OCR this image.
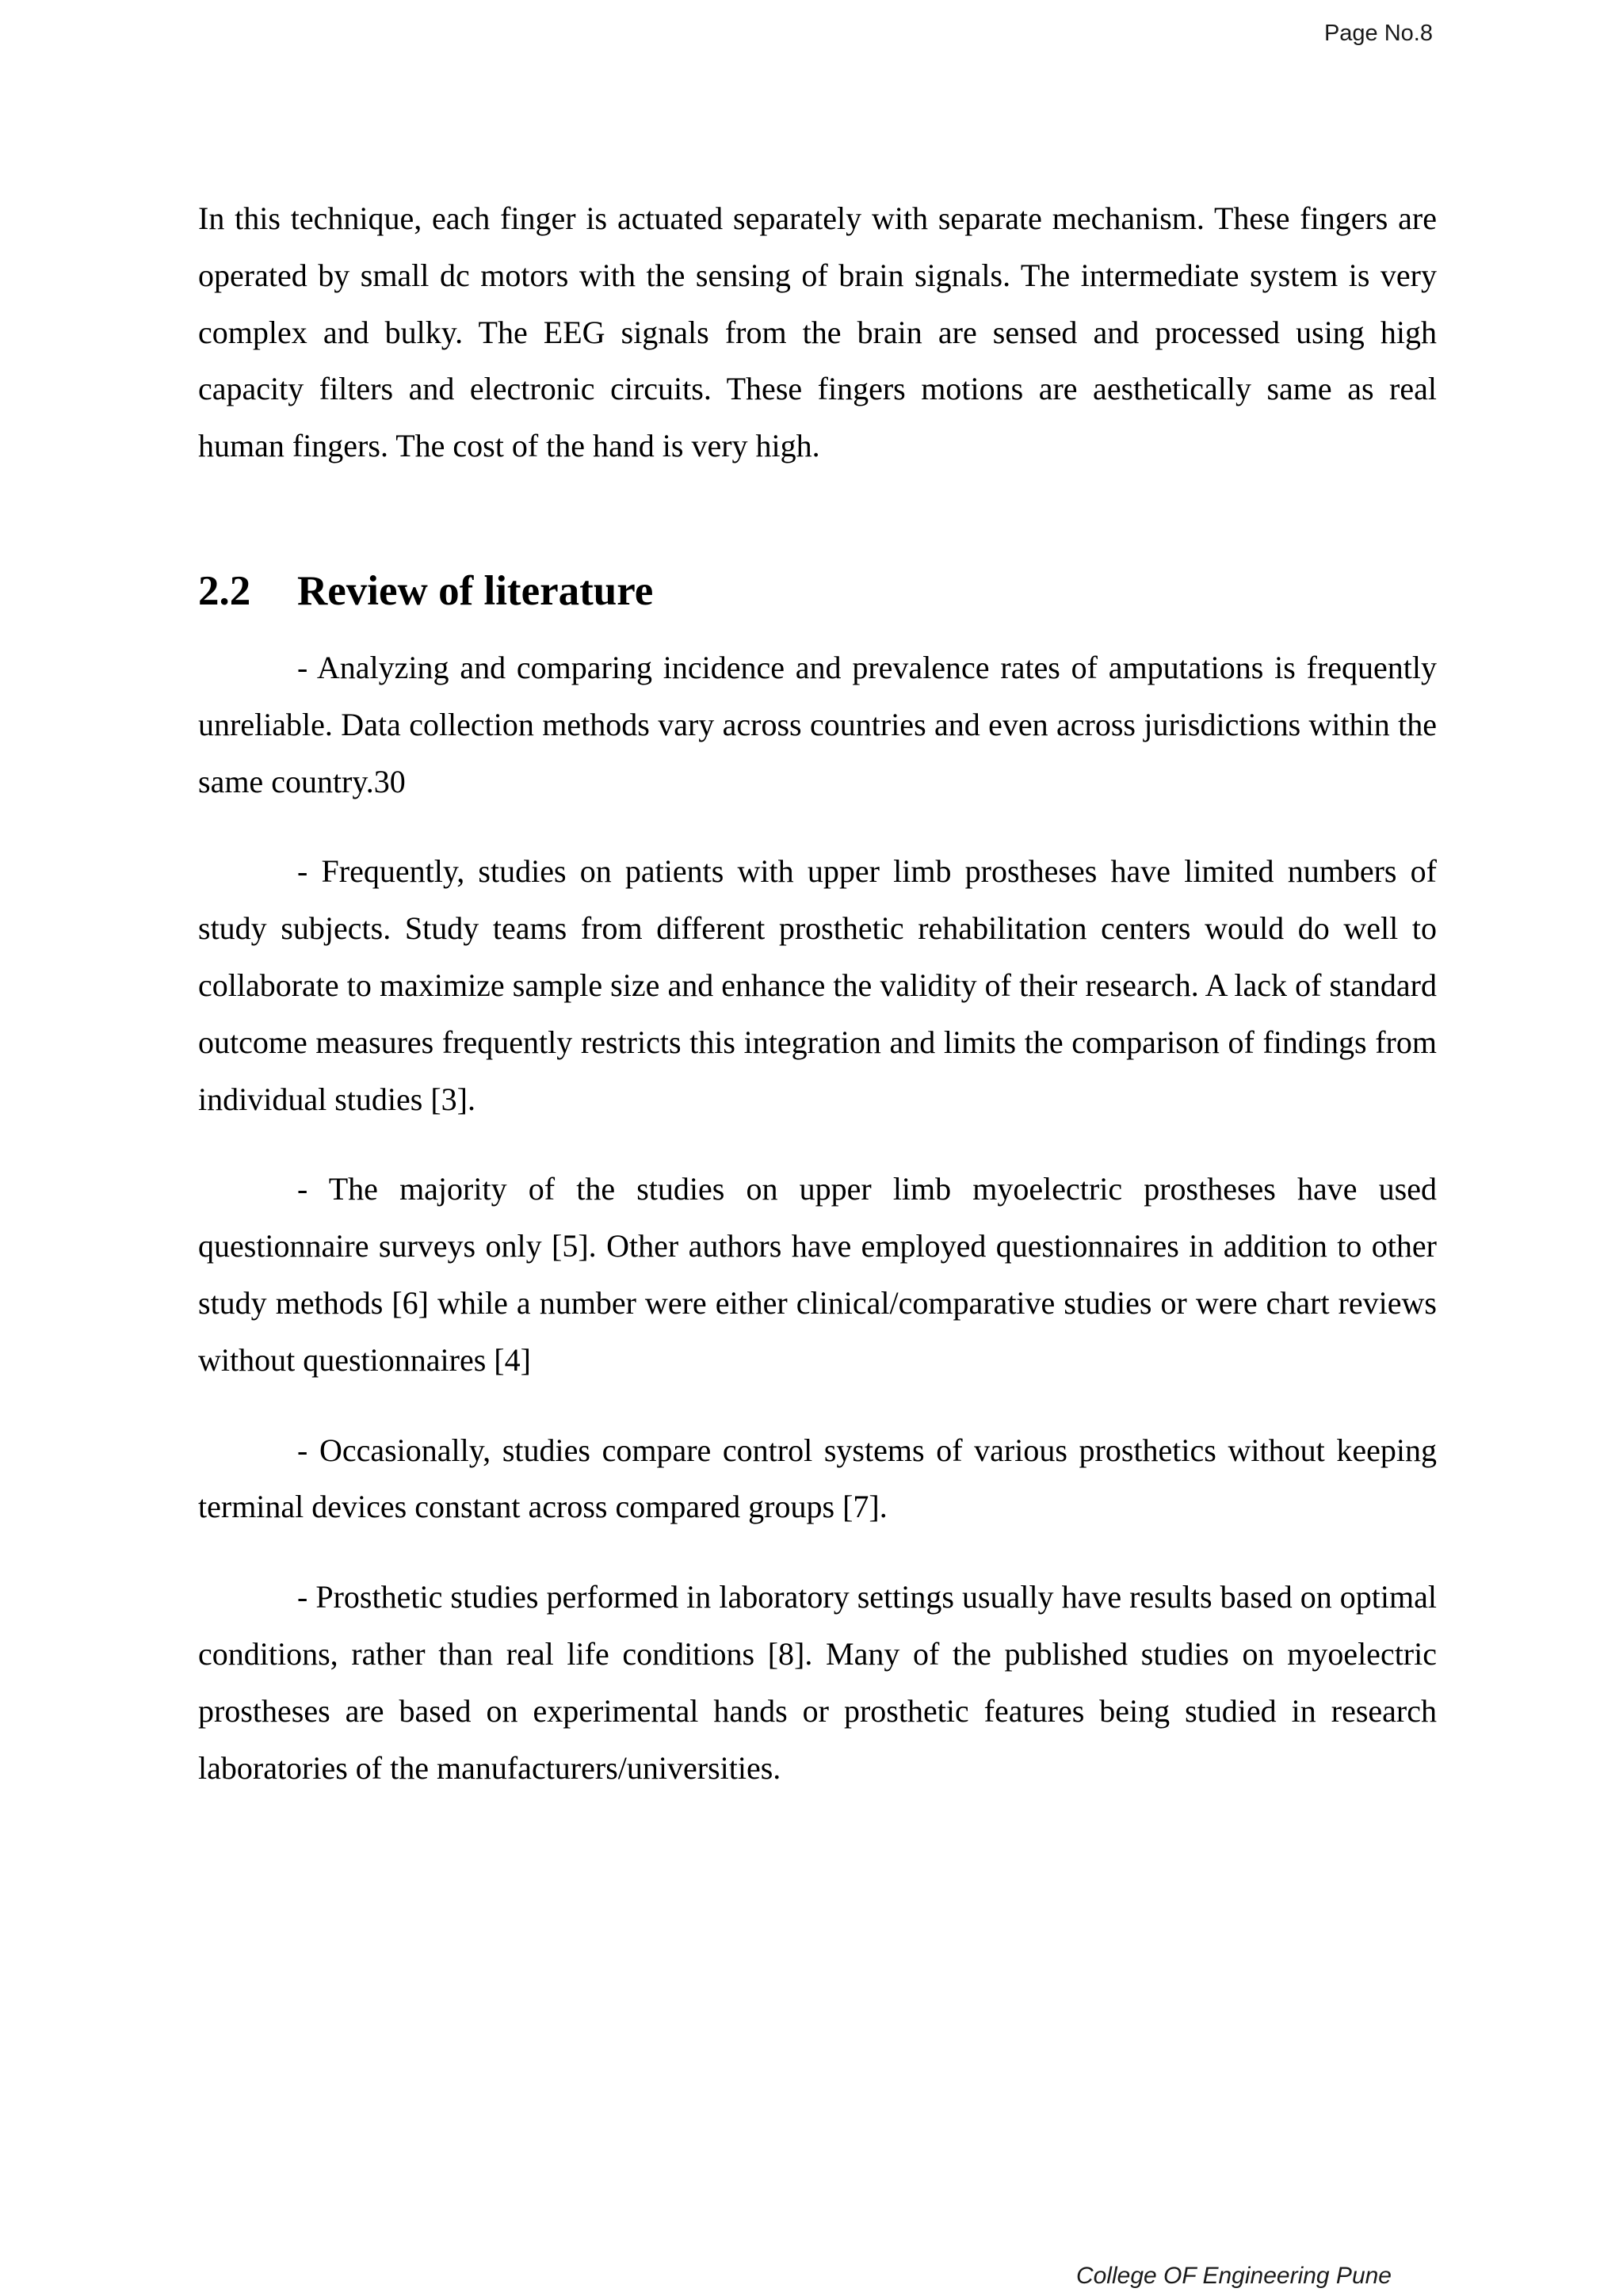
Page No.8

In this technique, each finger is actuated separately with separate mechanism. These fingers are operated by small dc motors with the sensing of brain signals. The intermediate system is very complex and bulky. The EEG signals from the brain are sensed and processed using high capacity filters and electronic circuits. These fingers motions are aesthetically same as real human fingers. The cost of the hand is very high.

2.2 Review of literature

- Analyzing and comparing incidence and prevalence rates of amputations is frequently unreliable. Data collection methods vary across countries and even across jurisdictions within the same country.30

- Frequently, studies on patients with upper limb prostheses have limited numbers of study subjects. Study teams from different prosthetic rehabilitation centers would do well to collaborate to maximize sample size and enhance the validity of their research. A lack of standard outcome measures frequently restricts this integration and limits the comparison of findings from individual studies [3].

- The majority of the studies on upper limb myoelectric prostheses have used questionnaire surveys only [5]. Other authors have employed questionnaires in addition to other study methods [6] while a number were either clinical/comparative studies or were chart reviews without questionnaires [4]

- Occasionally, studies compare control systems of various prosthetics without keeping terminal devices constant across compared groups [7].

- Prosthetic studies performed in laboratory settings usually have results based on optimal conditions, rather than real life conditions [8]. Many of the published studies on myoelectric prostheses are based on experimental hands or prosthetic features being studied in research laboratories of the manufacturers/universities.

College OF Engineering Pune
